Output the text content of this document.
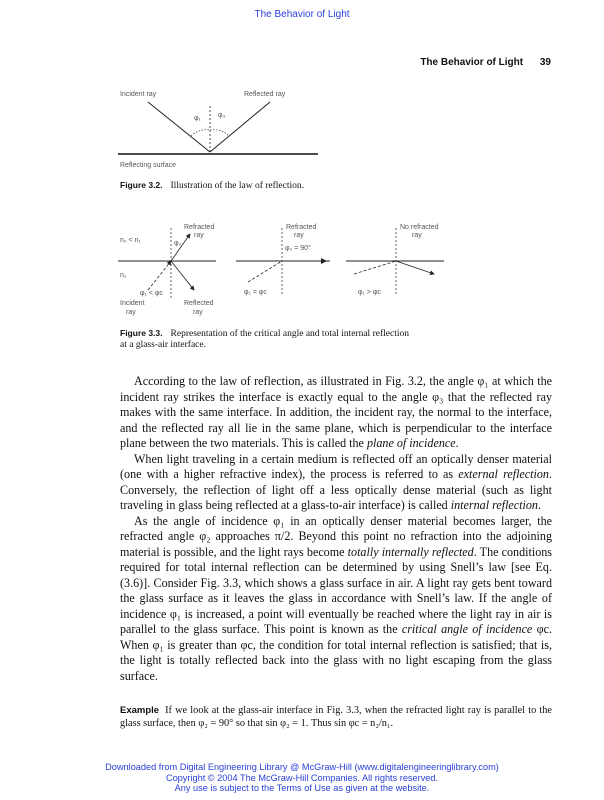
The Behavior of Light
The Behavior of Light 39
Incident ray	Reflected ray
φ₁ φ₃
Reflecting surface
Figure 3.2. Illustration of the law of reflection.
Refracted
ray
n₂ < n₁	φ₂
n₁
φ₁ < φc
Incident
ray
Reflected
ray
Refracted
ray
φ₂ = 90°
φ₁ = φc
No refracted
ray
φ₁ > φc
Figure 3.3. Representation of the critical angle and total internal reflection
at a glass-air interface.

According to the law of reflection, as illustrated in Fig. 3.2, the angle φ₁ at which the incident ray strikes the interface is exactly equal to the angle φ₃ that the reflected ray makes with the same interface. In addition, the incident ray, the normal to the interface, and the reflected ray all lie in the same plane, which is perpendicular to the interface plane between the two materials. This is called the plane of incidence.

When light traveling in a certain medium is reflected off an optically denser material (one with a higher refractive index), the process is referred to as external reflection. Conversely, the reflection of light off a less optically dense material (such as light traveling in glass being reflected at a glass-to-air interface) is called internal reflection.

As the angle of incidence φ₁ in an optically denser material becomes larger, the refracted angle φ₂ approaches π/2. Beyond this point no refraction into the adjoining material is possible, and the light rays become totally internally reflected. The conditions required for total internal reflection can be determined by using Snell’s law [see Eq. (3.6)]. Consider Fig. 3.3, which shows a glass surface in air. A light ray gets bent toward the glass surface as it leaves the glass in accordance with Snell’s law. If the angle of incidence φ₁ is increased, a point will eventually be reached where the light ray in air is parallel to the glass surface. This point is known as the critical angle of incidence φc. When φ₁ is greater than φc, the condition for total internal reflection is satisfied; that is, the light is totally reflected back into the glass with no light escaping from the glass surface.

Example If we look at the glass-air interface in Fig. 3.3, when the refracted light ray is parallel to the glass surface, then φ₂ = 90° so that sin φ₂ = 1. Thus sin φc = n₂/n₁.
Downloaded from Digital Engineering Library @ McGraw-Hill (www.digitalengineeringlibrary.com)
Copyright © 2004 The McGraw-Hill Companies. All rights reserved.
Any use is subject to the Terms of Use as given at the website.
